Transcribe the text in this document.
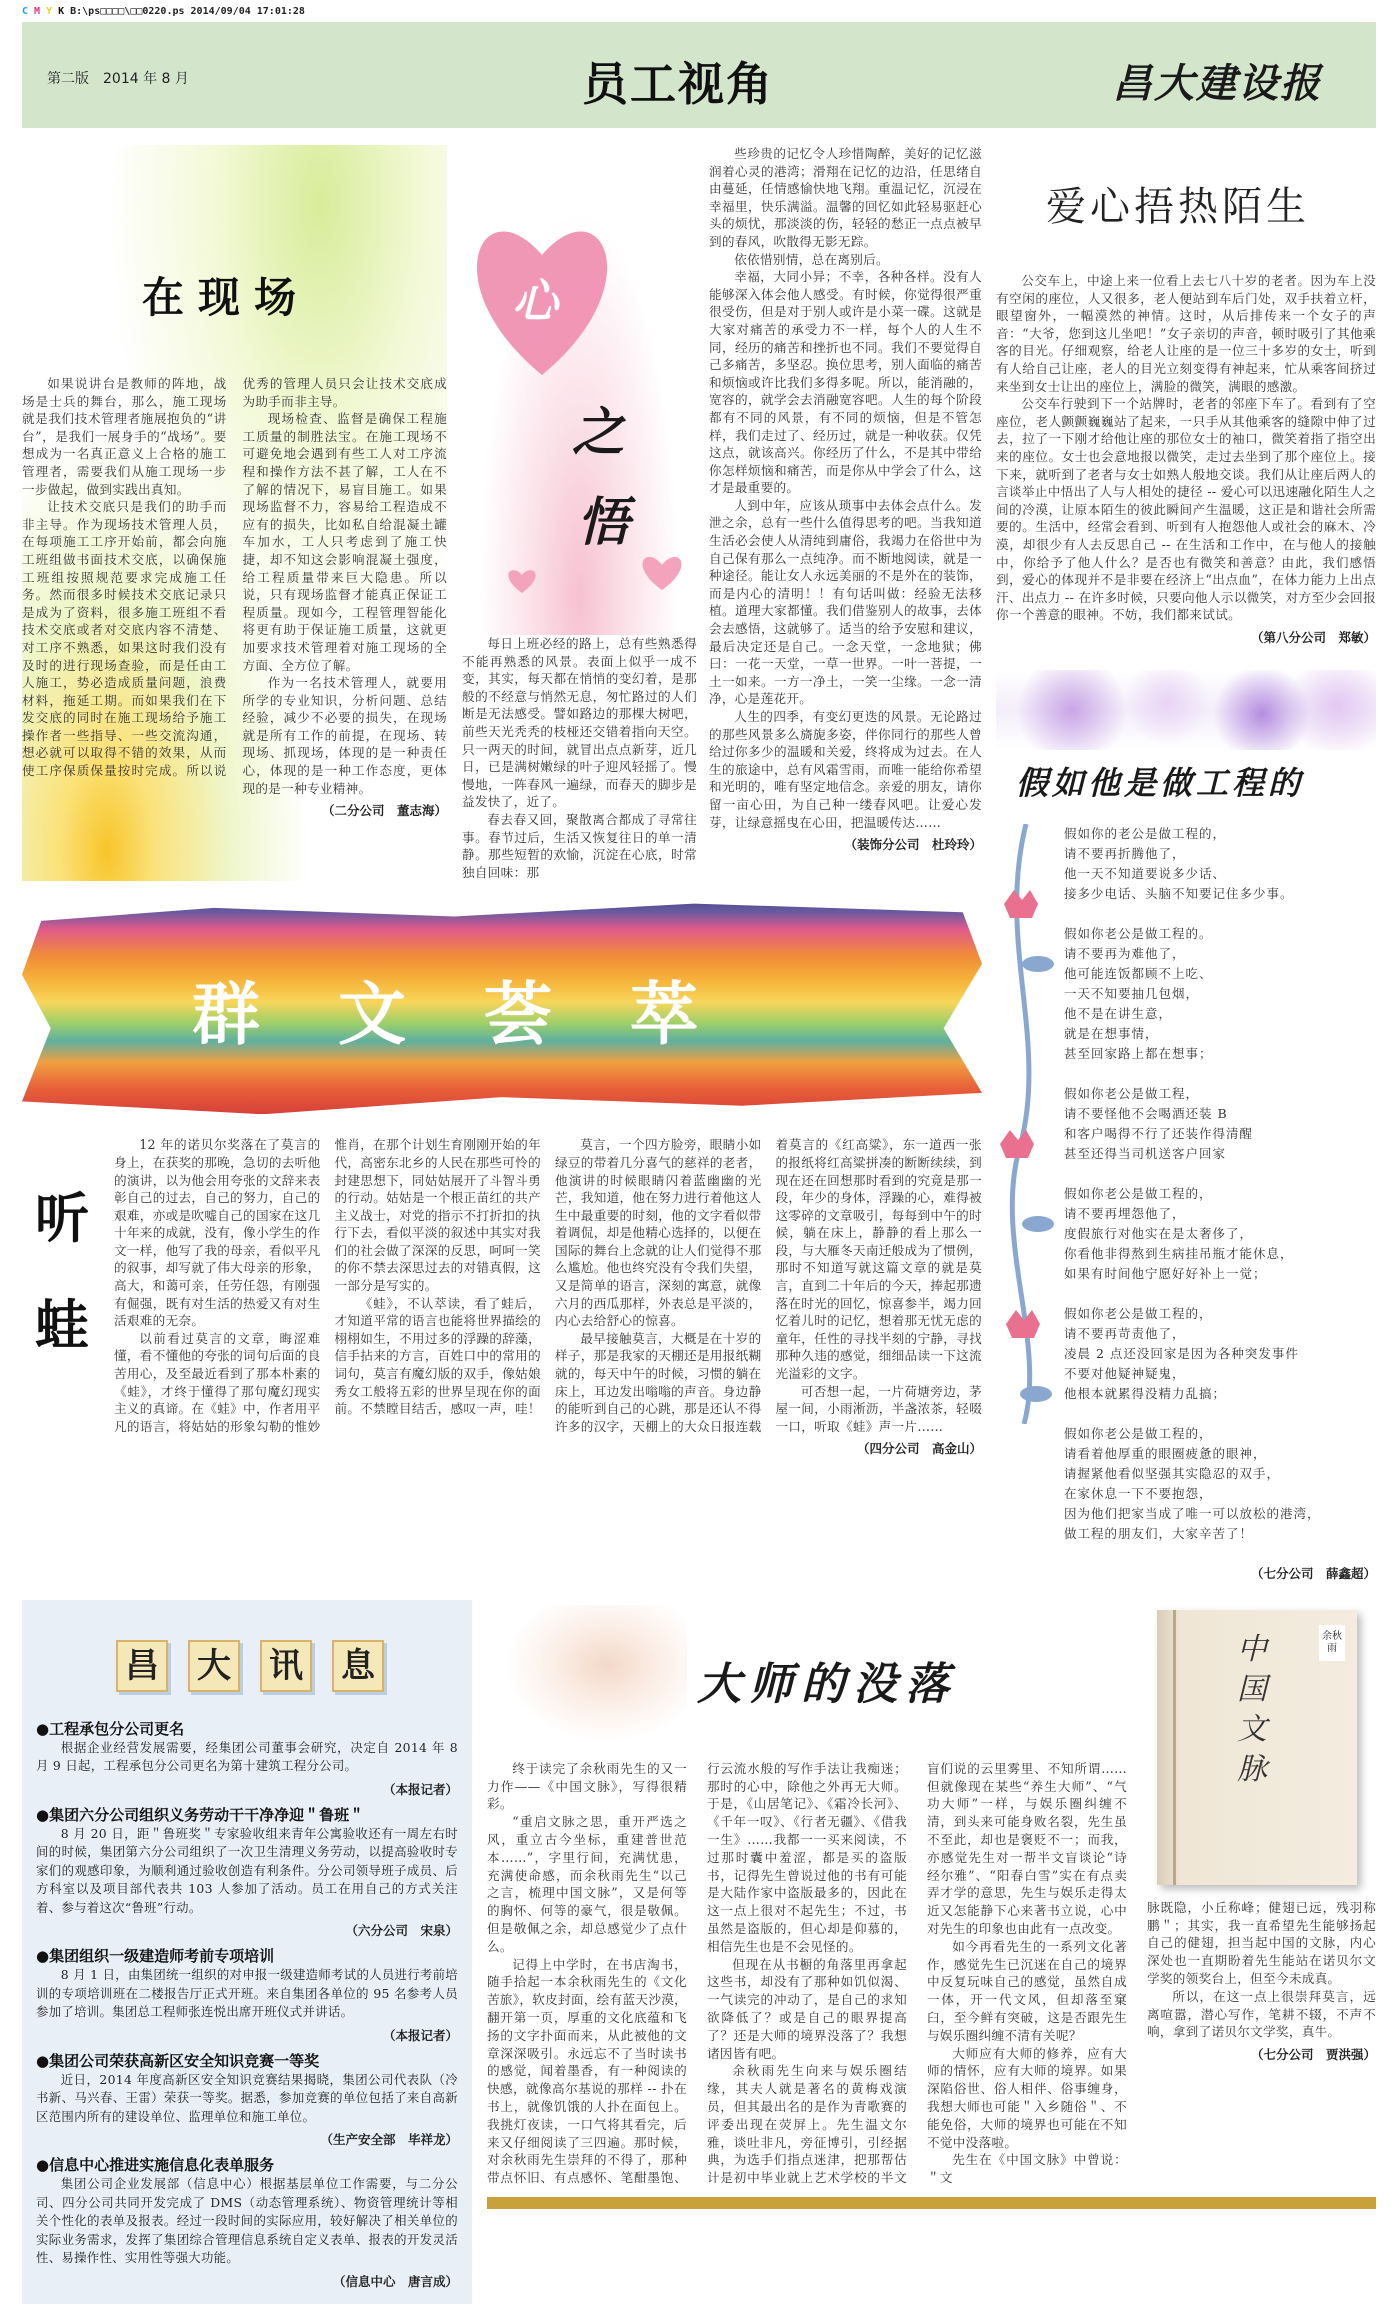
C M Y K B:\ps□□□□\□□0220.ps 2014/09/04 17:01:28
第二版　2014 年 8 月	员工视角	昌大建设报
在现场

如果说讲台是教师的阵地，战场是士兵的舞台，那么，施工现场就是我们技术管理者施展抱负的“讲台”，是我们一展身手的“战场”。要想成为一名真正意义上合格的施工管理者，需要我们从施工现场一步一步做起，做到实践出真知。

让技术交底只是我们的助手而非主导。作为现场技术管理人员，在每项施工工序开始前，都会向施工班组做书面技术交底，以确保施工班组按照规范要求完成施工任务。然而很多时候技术交底记录只是成为了资料，很多施工班组不看技术交底或者对交底内容不清楚、对工序不熟悉，如果这时我们没有及时的进行现场查验，而是任由工人施工，势必造成质量问题，浪费材料，拖延工期。而如果我们在下发交底的同时在施工现场给予施工操作者一些指导、一些交流沟通，想必就可以取得不错的效果，从而使工序保质保量按时完成。所以说优秀的管理人员只会让技术交底成为助手而非主导。

现场检查、监督是确保工程施工质量的制胜法宝。在施工现场不可避免地会遇到有些工人对工序流程和操作方法不甚了解，工人在不了解的情况下，易盲目施工。如果现场监督不力，容易给工程造成不应有的损失，比如私自给混凝土罐车加水，工人只考虑到了施工快捷，却不知这会影响混凝土强度，给工程质量带来巨大隐患。所以说，只有现场监督才能真正保证工程质量。现如今，工程管理智能化将更有助于保证施工质量，这就更加要求技术管理着对施工现场的全方面、全方位了解。

作为一名技术管理人，就要用所学的专业知识，分析问题、总结经验，减少不必要的损失，在现场就是所有工作的前提，在现场、转现场、抓现场，体现的是一种责任心，体现的是一种工作态度，更体现的是一种专业精神。

（二分公司　董志海）
心
之
悟

每日上班必经的路上，总有些熟悉得不能再熟悉的风景。表面上似乎一成不变，其实，每天都在悄悄的变幻着，是那般的不经意与悄然无息，匆忙路过的人们断是无法感受。譬如路边的那棵大树吧，前些天光秃秃的枝桠还交错着指向天空。只一两天的时间，就冒出点点新芽，近几日，已是满树嫩绿的叶子迎风轻摇了。慢慢地，一阵春风一遍绿，而春天的脚步是益发快了，近了。

春去春又回，聚散离合都成了寻常往事。春节过后，生活又恢复往日的单一清静。那些短暂的欢愉，沉淀在心底，时常独自回味：那

些珍贵的记忆令人珍惜陶醉，美好的记忆滋润着心灵的港湾；滑翔在记忆的边沿，任思绪自由蔓延，任情感愉快地飞翔。重温记忆，沉浸在幸福里，快乐满溢。温馨的回忆如此轻易驱赶心头的烦忧，那淡淡的伤，轻轻的愁正一点点被早到的春风，吹散得无影无踪。

依依惜别情，总在离别后。

幸福，大同小异；不幸，各种各样。没有人能够深入体会他人感受。有时候，你觉得很严重很受伤，但是对于别人或许是小菜一碟。这就是大家对痛苦的承受力不一样，每个人的人生不同，经历的痛苦和挫折也不同。我们不要觉得自己多痛苦，多坚忍。换位思考，别人面临的痛苦和烦恼或许比我们多得多呢。所以，能消融的，宽容的，就学会去消融宽容吧。人生的每个阶段都有不同的风景，有不同的烦恼，但是不管怎样，我们走过了、经历过，就是一种收获。仅凭这点，就该高兴。你经历了什么，不是其中带给你怎样烦恼和痛苦，而是你从中学会了什么，这才是最重要的。

人到中年，应该从琐事中去体会点什么。发泄之余，总有一些什么值得思考的吧。当我知道生活必会使人从清纯到庸俗，我竭力在俗世中为自己保有那么一点纯净。而不断地阅读，就是一种途径。能让女人永远美丽的不是外在的装饰，而是内心的清明！！有句话叫做：经验无法移植。道理大家都懂。我们借鉴别人的故事，去体会去感悟，这就够了。适当的给予安慰和建议，最后决定还是自己。一念天堂，一念地狱；佛曰：一花一天堂，一草一世界。一叶一菩提，一土一如来。一方一净土，一笑一尘缘。一念一清净，心是莲花开。

人生的四季，有变幻更迭的风景。无论路过的那些风景多么旖旎多姿，伴你同行的那些人曾给过你多少的温暖和关爱，终将成为过去。在人生的旅途中，总有风霜雪雨，而唯一能给你希望和光明的，唯有坚定地信念。亲爱的朋友，请你留一亩心田，为自己种一缕春风吧。让爱心发芽，让绿意摇曳在心田，把温暖传达……

（装饰分公司　杜玲玲）
群 文 荟 萃
听
蛙

12 年的诺贝尔奖落在了莫言的身上，在获奖的那晚，急切的去听他的演讲，以为他会用夸张的文辞来表彰自己的过去，自己的努力，自己的艰难，亦或是吹嘘自己的国家在这几十年来的成就，没有，像小学生的作文一样，他写了我的母亲，看似平凡的叙事，却写就了伟大母亲的形象，高大，和蔼可亲，任劳任怨，有刚强有倔强，既有对生活的热爱又有对生活艰难的无奈。

以前看过莫言的文章，晦涩难懂，看不懂他的夸张的词句后面的良苦用心，及至最近看到了那本朴素的《蛙》，才终于懂得了那句魔幻现实主义的真谛。在《蛙》中，作者用平凡的语言，将姑姑的形象勾勒的惟妙惟肖，在那个计划生育刚刚开始的年代，高密东北乡的人民在那些可怜的封建思想下，同姑姑展开了斗智斗勇的行动。姑姑是一个根正苗红的共产主义战士，对党的指示不打折扣的执行下去，看似平淡的叙述中其实对我们的社会做了深深的反思，呵呵一笑的你不禁去深思过去的对错真假，这一部分是写实的。

《蛙》，不认萃读，看了蛙后，才知道平常的语言也能将世界描绘的栩栩如生，不用过多的浮躁的辞藻，信手拈来的方言，百姓口中的常用的词句，莫言有魔幻版的双手，像姑娘秀女工般将五彩的世界呈现在你的面前。不禁瞠目结舌，感叹一声，哇！

莫言，一个四方脸旁，眼睛小如绿豆的带着几分喜气的慈祥的老者，他演讲的时候眼睛闪着蓝幽幽的光芒，我知道，他在努力进行着他这人生中最重要的时刻，他的文字看似带着调侃，却是他精心选择的，以便在国际的舞台上念就的让人们觉得不那么尴尬。他也终究没有令我们失望，又是简单的语言，深刻的寓意，就像六月的西瓜那样，外表总是平淡的，内心去给舒心的惊喜。

最早接触莫言，大概是在十岁的样子，那是我家的天棚还是用报纸糊就的，每天中午的时候，习惯的躺在床上，耳边发出嗡嗡的声音。身边静的能听到自己的心跳，那是还认不得许多的汉字，天棚上的大众日报连载着莫言的《红高粱》，东一道西一张的报纸将红高粱拼凑的断断续续，到现在还在回想那时看到的究竟是那一段，年少的身体，浮躁的心，难得被这零碎的文章吸引，每每到中午的时候，躺在床上，静静的看上那么一段，与大雁冬天南迁般成为了惯例，那时不知道写就这篇文章的就是莫言，直到二十年后的今天，捧起那遗落在时光的回忆，惊喜参半，竭力回忆着儿时的记忆，想着那无忧无虑的童年，任性的寻找半刻的宁静，寻找那种久违的感觉，细细品读一下这流光溢彩的文字。

可否想一起，一片荷塘旁边，茅屋一间，小雨淅沥，半盏浓茶，轻啜一口，听取《蛙》声一片……

（四分公司　高金山）
爱心捂热陌生

公交车上，中途上来一位看上去七八十岁的老者。因为车上没有空闲的座位，人又很多，老人便站到车后门处，双手扶着立杆，眼望窗外，一幅漠然的神情。这时，从后排传来一个女子的声音：“大爷，您到这儿坐吧！”女子亲切的声音，顿时吸引了其他乘客的目光。仔细观察，给老人让座的是一位三十多岁的女士，听到有人给自己让座，老人的目光立刻变得有神起来，忙从乘客间挤过来坐到女士让出的座位上，满脸的微笑，满眼的感激。

公交车行驶到下一个站牌时，老者的邻座下车了。看到有了空座位，老人颤颤巍巍站了起来，一只手从其他乘客的缝隙中伸了过去，拉了一下刚才给他让座的那位女士的袖口，微笑着指了指空出来的座位。女士也会意地报以微笑，走过去坐到了那个座位上。接下来，就听到了老者与女士如熟人般地交谈。我们从让座后两人的言谈举止中悟出了人与人相处的捷径 -- 爱心可以迅速融化陌生人之间的冷漠，让原本陌生的彼此瞬间产生温暖，这正是和谐社会所需要的。生活中，经常会看到、听到有人抱怨他人或社会的麻木、冷漠，却很少有人去反思自己 -- 在生活和工作中，在与他人的接触中，你给予了他人什么？是否也有微笑和善意？由此，我们感悟到，爱心的体现并不是非要在经济上“出点血”，在体力能力上出点汗、出点力 -- 在许多时候，只要向他人示以微笑，对方至少会回报你一个善意的眼神。不妨，我们都来试试。

（第八分公司　郑敏）
假如他是做工程的
假如你的老公是做工程的，
请不要再折腾他了，
他一天不知道要说多少话、
接多少电话、头脑不知要记住多少事。
假如你老公是做工程的。
请不要再为难他了，
他可能连饭都顾不上吃、
一天不知要抽几包烟，
他不是在讲生意，
就是在想事情，
甚至回家路上都在想事；
假如你老公是做工程，
请不要怪他不会喝酒还装 B
和客户喝得不行了还装作得清醒
甚至还得当司机送客户回家
假如你老公是做工程的，
请不要再埋怨他了，
度假旅行对他实在是太奢侈了，
你看他非得熬到生病挂吊瓶才能休息，
如果有时间他宁愿好好补上一觉；
假如你老公是做工程的，
请不要再苛责他了，
凌晨 2 点还没回家是因为各种突发事件
不要对他疑神疑鬼，
他根本就累得没精力乱搞；
假如你老公是做工程的，
请看着他厚重的眼圈疲惫的眼神，
请握紧他看似坚强其实隐忍的双手，
在家休息一下不要抱怨，
因为他们把家当成了唯一可以放松的港湾，
做工程的朋友们，大家辛苦了！
（七分公司　薛鑫超）
昌 大 讯 息
●工程承包分公司更名

根据企业经营发展需要，经集团公司董事会研究，决定自 2014 年 8 月 9 日起，工程承包分公司更名为第十建筑工程分公司。

（本报记者）
●集团六分公司组织义务劳动干干净净迎＂鲁班＂

8 月 20 日，距＂鲁班奖＂专家验收组来青年公寓验收还有一周左右时间的时候，集团第六分公司组织了一次卫生清理义务劳动，以提高验收时专家们的观感印象，为顺利通过验收创造有利条件。分公司领导班子成员、后方科室以及项目部代表共 103 人参加了活动。员工在用自己的方式关注着、参与着这次“鲁班”行动。

（六分公司　宋泉）
●集团组织一级建造师考前专项培训

8 月 1 日，由集团统一组织的对申报一级建造师考试的人员进行考前培训的专项培训班在二楼报告厅正式开班。来自集团各单位的 95 名参考人员参加了培训。集团总工程师张连悦出席开班仪式并讲话。

（本报记者）
●集团公司荣获高新区安全知识竞赛一等奖

近日，2014 年度高新区安全知识竞赛结果揭晓，集团公司代表队（冷书新、马兴春、王雷）荣获一等奖。据悉，参加竞赛的单位包括了来自高新区范围内所有的建设单位、监理单位和施工单位。

（生产安全部　毕祥龙）
●信息中心推进实施信息化表单服务

集团公司企业发展部（信息中心）根据基层单位工作需要，与二分公司、四分公司共同开发完成了 DMS（动态管理系统）、物资管理统计等相关个性化的表单及报表。经过一段时间的实际应用，较好解决了相关单位的实际业务需求，发挥了集团综合管理信息系统自定义表单、报表的开发灵活性、易操作性、实用性等强大功能。

（信息中心　唐言成）
大师的没落

终于读完了余秋雨先生的又一力作——《中国文脉》，写得很精彩。

“重启文脉之思，重开严选之风，重立古今坐标，重建普世范本……”，字里行间，充满忧患，充满使命感，而余秋雨先生“以己之言，梳理中国文脉”，又是何等的胸怀、何等的豪气，很是敬佩。但是敬佩之余，却总感觉少了点什么。

记得上中学时，在书店淘书，随手拾起一本余秋雨先生的《文化苦旅》，软皮封面，绘有蓝天沙漠，翻开第一页，厚重的文化底蕴和飞扬的文字扑面而来，从此被他的文章深深吸引。永远忘不了当时读书的感觉，闻着墨香，有一种阅读的快感，就像高尔基说的那样 -- 扑在书上，就像饥饿的人扑在面包上。我挑灯夜读，一口气将其看完，后来又仔细阅读了三四遍。那时候，对余秋雨先生崇拜的不得了，那种带点怀旧、有点感怀、笔酣墨饱、行云流水般的写作手法让我痴迷；那时的心中，除他之外再无大师。于是，《山居笔记》、《霜冷长河》、《千年一叹》、《行者无疆》、《借我一生》……我都一一买来阅读，不过那时囊中羞涩，都是买的盗版书，记得先生曾说过他的书有可能是大陆作家中盗版最多的，因此在这一点上很对不起先生；不过，书虽然是盗版的，但心却是仰慕的，相信先生也是不会见怪的。

但现在从书橱的角落里再拿起这些书，却没有了那种如饥似渴、一气读完的冲动了，是自己的求知欲降低了？或是自己的眼界提高了？还是大师的境界没落了？我想诸因皆有吧。

余秋雨先生向来与娱乐圈结缘，其夫人就是著名的黄梅戏演员，但其最出名的是作为青歌赛的评委出现在荧屏上。先生温文尔雅，谈吐非凡，旁征博引，引经据典，为选手们指点迷津，把那帮估计是初中毕业就上艺术学校的半文盲们说的云里雾里、不知所谓……　但就像现在某些“养生大师”、“气功大师”一样，与娱乐圈纠缠不清，到头来可能身败名裂，先生虽不至此，却也是褒贬不一；而我，亦感觉先生对一帮半文盲谈论“诗经尔雅”、“阳春白雪”实在有点卖弄才学的意思，先生与娱乐走得太近又怎能静下心来著书立说，心中对先生的印象也由此有一点改变。

如今再看先生的一系列文化著作，感觉先生已沉迷在自己的境界中反复玩味自己的感觉，虽然自成一体，开一代文风，但却落至窠臼，至今鲜有突破，这是否跟先生与娱乐圈纠缠不清有关呢？

大师应有大师的修养，应有大师的情怀，应有大师的境界。如果深陷俗世、俗人相伴、俗事缠身，我想大师也可能＂入乡随俗＂、不能免俗，大师的境界也可能在不知不觉中没落啦。

先生在《中国文脉》中曾说：＂文

中
国
文
脉
余秋雨

脉既隐，小丘称峰；健翅已远，残羽称鹏＂；其实，我一直希望先生能够扬起自己的健翅，担当起中国的文脉，内心深处也一直期盼着先生能站在诺贝尔文学奖的领奖台上，但至今未成真。

所以，在这一点上很崇拜莫言，远离喧嚣，潜心写作，笔耕不辍，不声不响，拿到了诺贝尔文学奖，真牛。

（七分公司　贾洪强）
